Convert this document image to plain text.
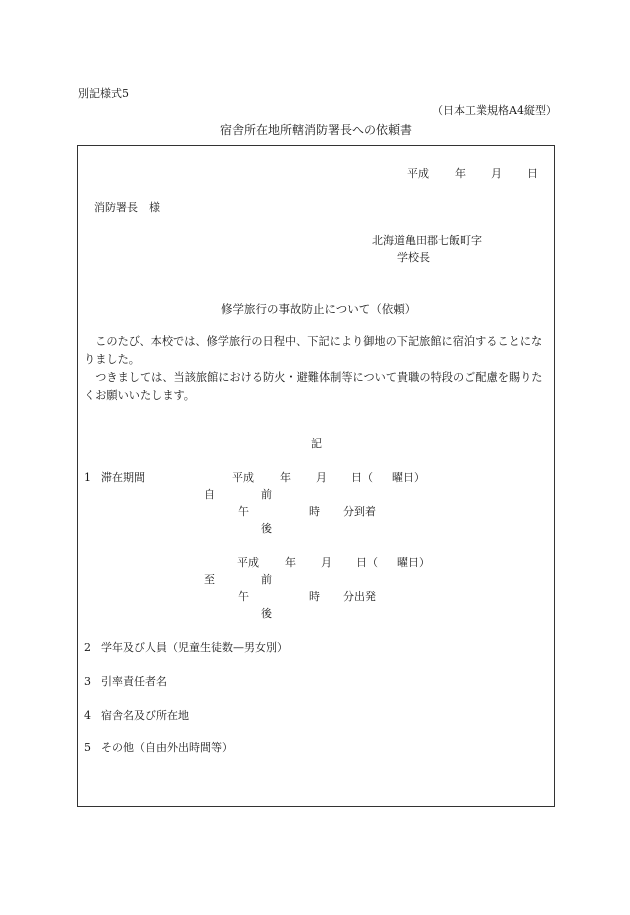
別記様式5
（日本工業規格A4縦型）
宿舎所在地所轄消防署長への依頼書
平成 年 月 日
消防署長　様
北海道亀田郡七飯町字
学校長
修学旅行の事故防止について（依頼）

このたび、本校では、修学旅行の日程中、下記により御地の下記旅館に宿泊することになりました。

つきましては、当該旅館における防火・避難体制等について貴職の特段のご配慮を賜りたくお願いいたします。

記
1 滞在期間	平成 年 月 日（ 曜日）
自	前
午	時 分到着
後
平成 年 月 日（ 曜日）
至	前
午	時 分出発
後
2 学年及び人員（児童生徒数—男女別）
3 引率責任者名
4 宿舎名及び所在地
5 その他（自由外出時間等）
